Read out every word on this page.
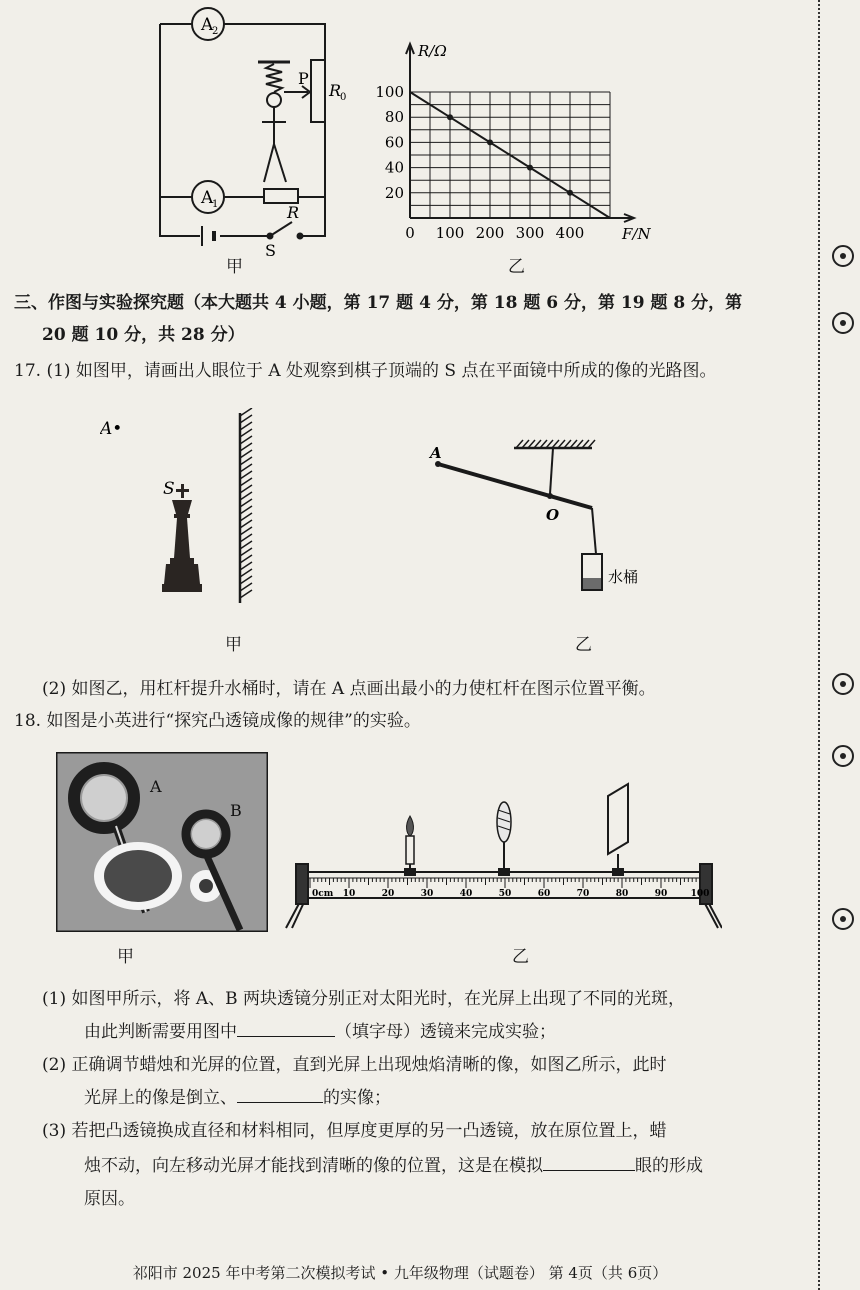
A
2
A
1
P
R
0
R
S
甲
0 100 200 300 400
20
40
60
80
100
R/Ω
F/N
乙
三、作图与实验探究题（本大题共 4 小题，第 17 题 4 分，第 18 题 6 分，第 19 题 8 分，第
20 题 10 分，共 28 分）
17. (1) 如图甲，请画出人眼位于 A 处观察到棋子顶端的 S 点在平面镜中所成的像的光路图。
A•
S
甲
A
O
水桶
乙
(2) 如图乙，用杠杆提升水桶时，请在 A 点画出最小的力使杠杆在图示位置平衡。
18. 如图是小英进行“探究凸透镜成像的规律”的实验。
A
B
甲
0cm 10	20	30	40	50	60	70	80	90	100
乙
(1) 如图甲所示，将 A、B 两块透镜分别正对太阳光时，在光屏上出现了不同的光斑，
由此判断需要用图中	（填字母）透镜来完成实验；
(2) 正确调节蜡烛和光屏的位置，直到光屏上出现烛焰清晰的像，如图乙所示，此时
光屏上的像是倒立、	的实像；
(3) 若把凸透镜换成直径和材料相同，但厚度更厚的另一凸透镜，放在原位置上，蜡
烛不动，向左移动光屏才能找到清晰的像的位置，这是在模拟	眼的形成
原因。
祁阳市 2025 年中考第二次模拟考试 • 九年级物理（试题卷） 第 4页（共 6页）
